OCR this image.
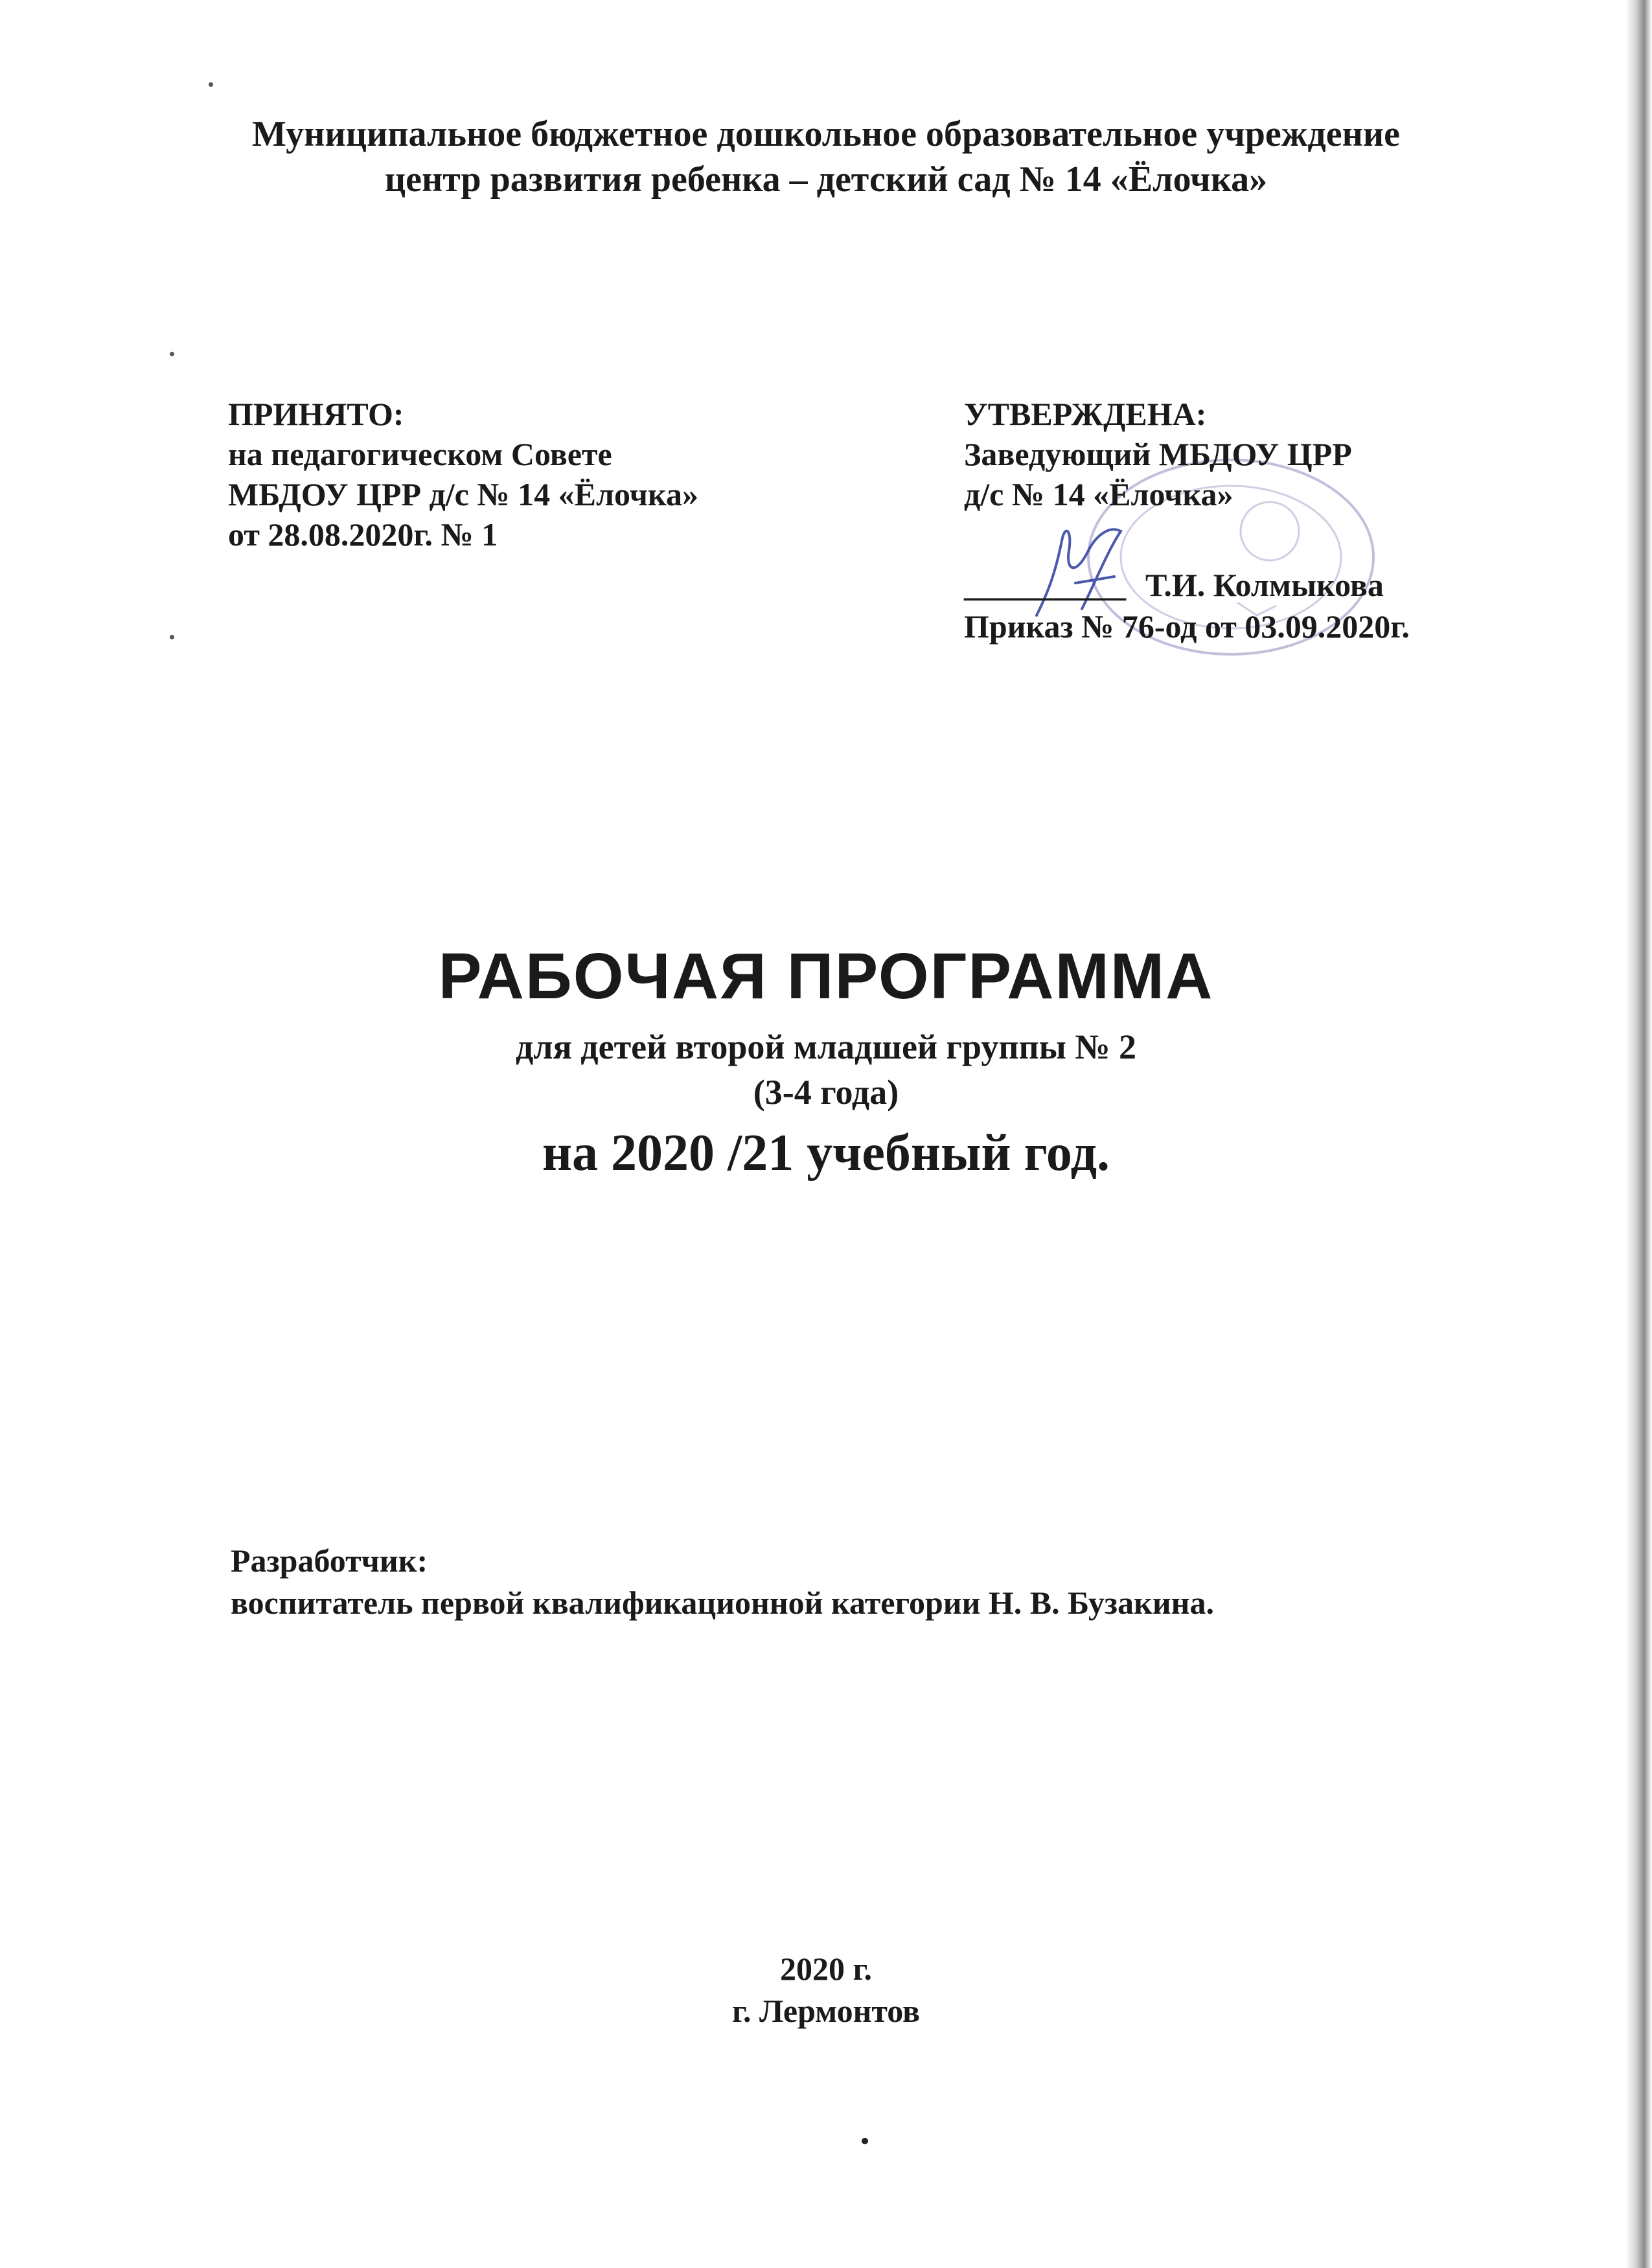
Муниципальное бюджетное дошкольное образовательное учреждение
центр развития ребенка – детский сад № 14 «Ёлочка»
ПРИНЯТО:
на педагогическом Совете
МБДОУ ЦРР д/с № 14 «Ёлочка»
от 28.08.2020г. № 1
УТВЕРЖДЕНА:
Заведующий МБДОУ ЦРР
д/с № 14 «Ёлочка»
__________ Т.И. Колмыкова
Приказ № 76-од от 03.09.2020г.
РАБОЧАЯ ПРОГРАММА
для детей второй младшей группы № 2
(3-4 года)
на 2020 /21 учебный год.
Разработчик:
воспитатель первой квалификационной категории Н. В. Бузакина.
2020 г.
г. Лермонтов
